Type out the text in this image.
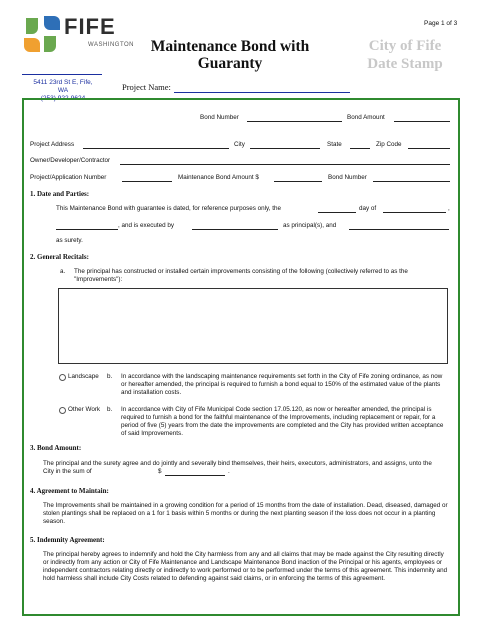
FIFE
WASHINGTON
5411 23rd St E, Fife, WA
(253) 922-9624
Maintenance Bond with Guaranty
City of Fife Date Stamp
Page 1 of 3
Project Name:
Bond Number	Bond Amount
Project Address	City	State	Zip Code
Owner/Developer/Contractor
Project/Application Number	Maintenance Bond Amount $	Bond Number
1. Date and Parties:
This Maintenance Bond with guarantee is dated, for reference purposes only, the	day of	,
, and is executed by	as principal(s), and
as surety.
2. General Recitals:
a. The principal has constructed or installed certain improvements consisting of the following (collectively referred to as the "Improvements"):
Landscape b. In accordance with the landscaping maintenance requirements set forth in the City of Fife zoning ordinance, as now or hereafter amended, the principal is required to furnish a bond equal to 150% of the estimated value of the plants and installation costs.
Other Work b. In accordance with City of Fife Municipal Code section 17.05.120, as now or hereafter amended, the principal is required to furnish a bond for the faithful maintenance of the Improvements, including replacement or repair, for a period of five (5) years from the date the improvements are completed and the City has provided written acceptance of said Improvements.
3. Bond Amount:
The principal and the surety agree and do jointly and severally bind themselves, their heirs, executors, administrators, and assigns, unto the City in the sum of	$	.
4. Agreement to Maintain:
The Improvements shall be maintained in a growing condition for a period of 15 months from the date of installation. Dead, diseased, damaged or stolen plantings shall be replaced on a 1 for 1 basis within 5 months or during the next planting season if the loss does not occur in a planting season.
5. Indemnity Agreement:
The principal hereby agrees to indemnify and hold the City harmless from any and all claims that may be made against the City resulting directly or indirectly from any action or City of Fife Maintenance and Landscape Maintenance Bond inaction of the Principal or his agents, employees or independent contractors relating directly or indirectly to work performed or to be performed under the terms of this agreement. This indemnity and hold harmless shall include City Costs related to defending against said claims, or in enforcing the terms of this agreement.
